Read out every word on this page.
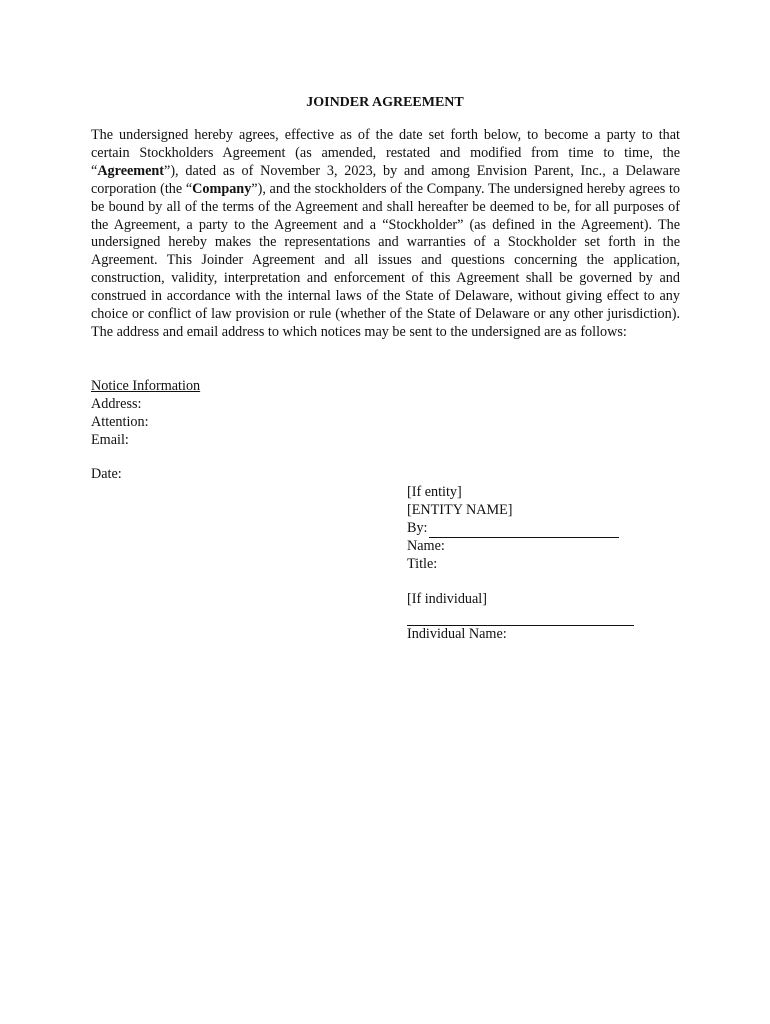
JOINDER AGREEMENT
The undersigned hereby agrees, effective as of the date set forth below, to become a party to that certain Stockholders Agreement (as amended, restated and modified from time to time, the “Agreement”), dated as of November 3, 2023, by and among Envision Parent, Inc., a Delaware corporation (the “Company”), and the stockholders of the Company. The undersigned hereby agrees to be bound by all of the terms of the Agreement and shall hereafter be deemed to be, for all purposes of the Agreement, a party to the Agreement and a “Stockholder” (as defined in the Agreement). The undersigned hereby makes the representations and warranties of a Stockholder set forth in the Agreement. This Joinder Agreement and all issues and questions concerning the application, construction, validity, interpretation and enforcement of this Agreement shall be governed by and construed in accordance with the internal laws of the State of Delaware, without giving effect to any choice or conflict of law provision or rule (whether of the State of Delaware or any other jurisdiction). The address and email address to which notices may be sent to the undersigned are as follows:
Notice Information
Address:
Attention:
Email:
Date:
[If entity]
[ENTITY NAME]
By:
Name:
Title:
[If individual]
Individual Name:
